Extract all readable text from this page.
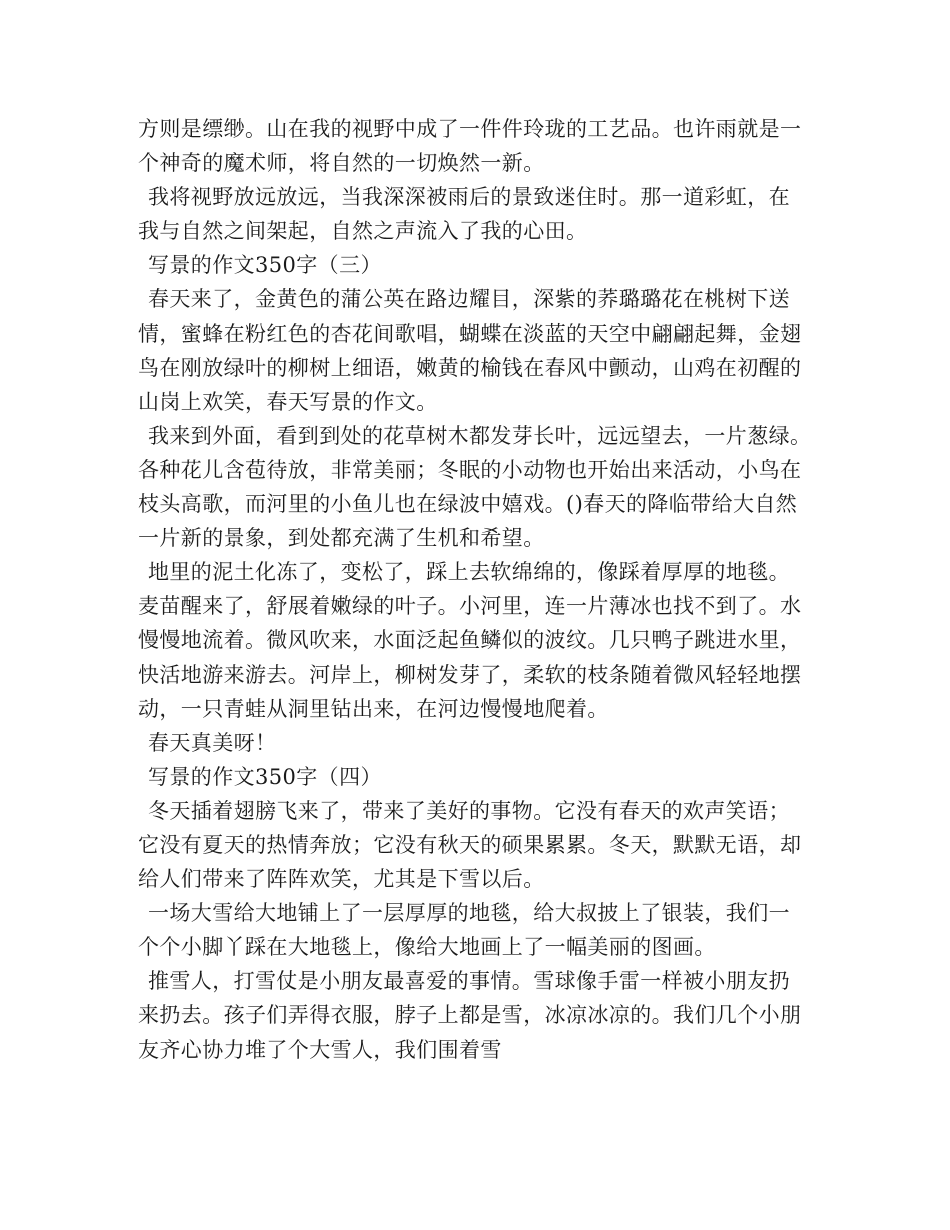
方则是缥缈。山在我的视野中成了一件件玲珑的工艺品。也许雨就是一
个神奇的魔术师，将自然的一切焕然一新。
我将视野放远放远，当我深深被雨后的景致迷住时。那一道彩虹，在
我与自然之间架起，自然之声流入了我的心田。
写景的作文350字（三）
春天来了，金黄色的蒲公英在路边耀目，深紫的荞璐璐花在桃树下送
情，蜜蜂在粉红色的杏花间歌唱，蝴蝶在淡蓝的天空中翩翩起舞，金翅
鸟在刚放绿叶的柳树上细语，嫩黄的榆钱在春风中颤动，山鸡在初醒的
山岗上欢笑，春天写景的作文。
我来到外面，看到到处的花草树木都发芽长叶，远远望去，一片葱绿。
各种花儿含苞待放，非常美丽；冬眠的小动物也开始出来活动，小鸟在
枝头高歌，而河里的小鱼儿也在绿波中嬉戏。()春天的降临带给大自然
一片新的景象，到处都充满了生机和希望。
地里的泥土化冻了，变松了，踩上去软绵绵的，像踩着厚厚的地毯。
麦苗醒来了，舒展着嫩绿的叶子。小河里，连一片薄冰也找不到了。水
慢慢地流着。微风吹来，水面泛起鱼鳞似的波纹。几只鸭子跳进水里，
快活地游来游去。河岸上，柳树发芽了，柔软的枝条随着微风轻轻地摆
动，一只青蛙从洞里钻出来，在河边慢慢地爬着。
春天真美呀！
写景的作文350字（四）
冬天插着翅膀飞来了，带来了美好的事物。它没有春天的欢声笑语；
它没有夏天的热情奔放；它没有秋天的硕果累累。冬天，默默无语，却
给人们带来了阵阵欢笑，尤其是下雪以后。
一场大雪给大地铺上了一层厚厚的地毯，给大叔披上了银装，我们一
个个小脚丫踩在大地毯上，像给大地画上了一幅美丽的图画。
推雪人，打雪仗是小朋友最喜爱的事情。雪球像手雷一样被小朋友扔
来扔去。孩子们弄得衣服，脖子上都是雪，冰凉冰凉的。我们几个小朋
友齐心协力堆了个大雪人，我们围着雪
